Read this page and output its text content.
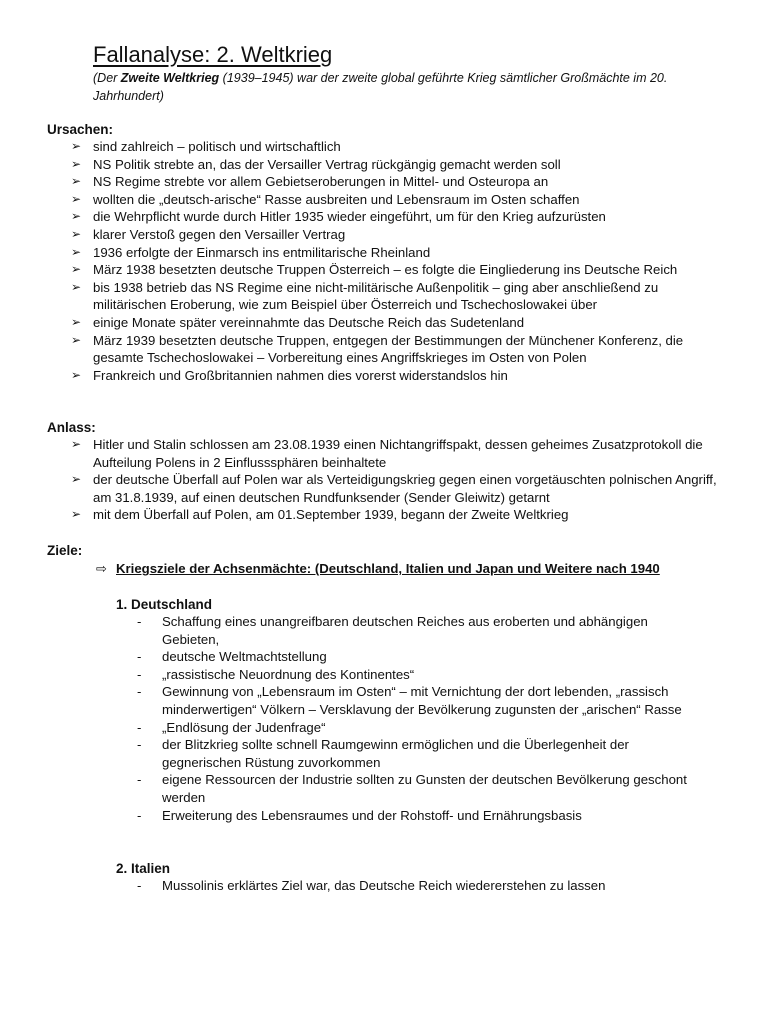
Fallanalyse: 2. Weltkrieg
(Der Zweite Weltkrieg (1939–1945) war der zweite global geführte Krieg sämtlicher Großmächte im 20. Jahrhundert)
Ursachen:
➢ sind zahlreich – politisch und wirtschaftlich
➢ NS Politik strebte an, das der Versailler Vertrag rückgängig gemacht werden soll
➢ NS Regime strebte vor allem Gebietseroberungen in Mittel- und Osteuropa an
➢ wollten die „deutsch-arische“ Rasse ausbreiten und Lebensraum im Osten schaffen
➢ die Wehrpflicht wurde durch Hitler 1935 wieder eingeführt, um für den Krieg aufzurüsten
➢ klarer Verstoß gegen den Versailler Vertrag
➢ 1936 erfolgte der Einmarsch ins entmilitarische Rheinland
➢ März 1938 besetzten deutsche Truppen Österreich – es folgte die Eingliederung ins Deutsche Reich
➢ bis 1938 betrieb das NS Regime eine nicht-militärische Außenpolitik – ging aber anschließend zu militärischen Eroberung, wie zum Beispiel über Österreich und Tschechoslowakei über
➢ einige Monate später vereinnahmte das Deutsche Reich das Sudetenland
➢ März 1939 besetzten deutsche Truppen, entgegen der Bestimmungen der Münchener Konferenz, die gesamte Tschechoslowakei – Vorbereitung eines Angriffskrieges im Osten von Polen
➢ Frankreich und Großbritannien nahmen dies vorerst widerstandslos hin
Anlass:
➢ Hitler und Stalin schlossen am 23.08.1939 einen Nichtangriffspakt, dessen geheimes Zusatzprotokoll die Aufteilung Polens in 2 Einflusssphären beinhaltete
➢ der deutsche Überfall auf Polen war als Verteidigungskrieg gegen einen vorgetäuschten polnischen Angriff, am 31.8.1939, auf einen deutschen Rundfunksender (Sender Gleiwitz) getarnt
➢ mit dem Überfall auf Polen, am 01.September 1939, begann der Zweite Weltkrieg
Ziele:
⇨ Kriegsziele der Achsenmächte: (Deutschland, Italien und Japan und Weitere nach 1940
1. Deutschland
- Schaffung eines unangreifbaren deutschen Reiches aus eroberten und abhängigen Gebieten,
- deutsche Weltmachtstellung
- „rassistische Neuordnung des Kontinentes“
- Gewinnung von „Lebensraum im Osten“ – mit Vernichtung der dort lebenden, „rassisch minderwertigen“ Völkern – Versklavung der Bevölkerung zugunsten der „arischen“ Rasse
- „Endlösung der Judenfrage“
- der Blitzkrieg sollte schnell Raumgewinn ermöglichen und die Überlegenheit der gegnerischen Rüstung zuvorkommen
- eigene Ressourcen der Industrie sollten zu Gunsten der deutschen Bevölkerung geschont werden
- Erweiterung des Lebensraumes und der Rohstoff- und Ernährungsbasis
2. Italien
- Mussolinis erklärtes Ziel war, das Deutsche Reich wiedererstehen zu lassen
